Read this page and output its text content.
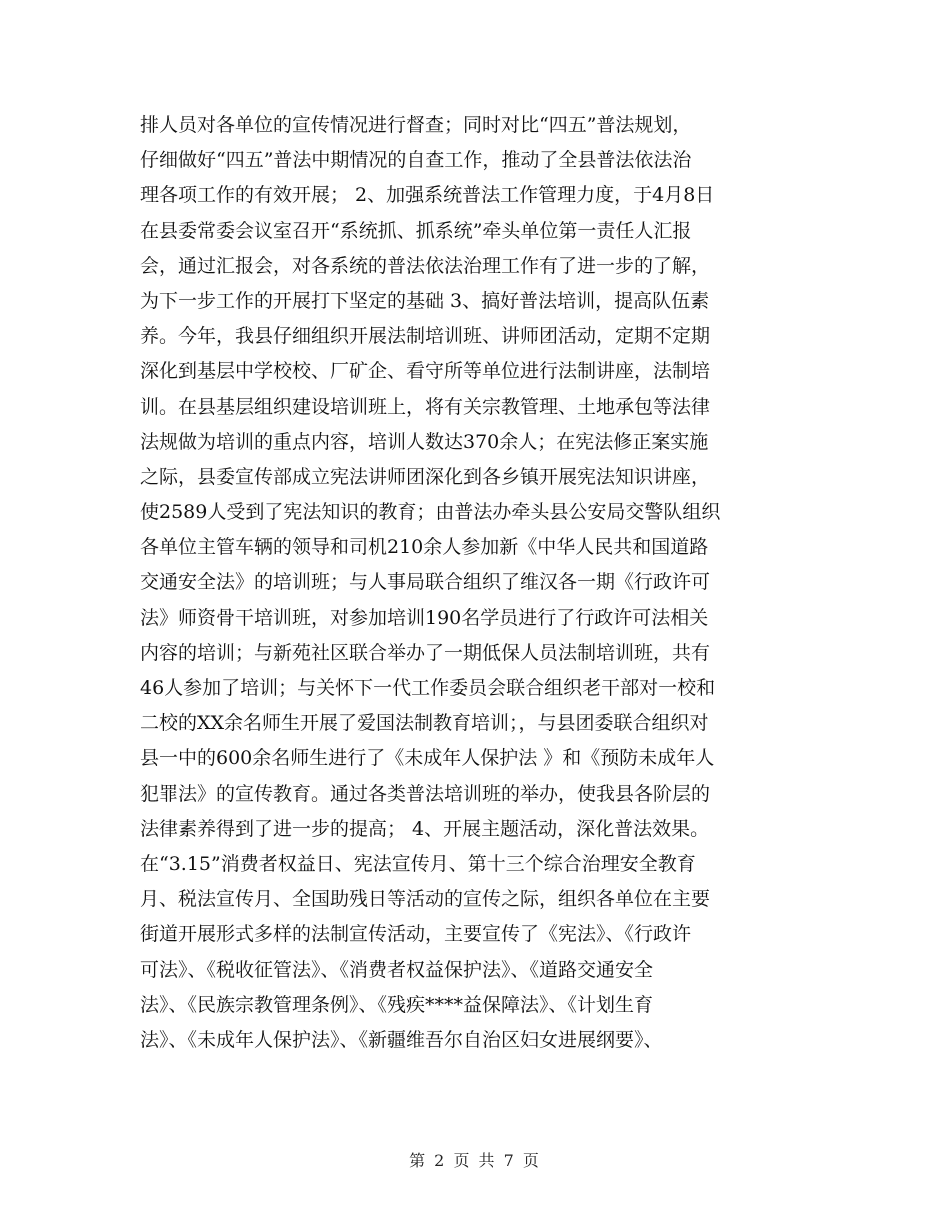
排人员对各单位的宣传情况进行督查；同时对比“四五”普法规划，
仔细做好“四五”普法中期情况的自查工作，推动了全县普法依法治
理各项工作的有效开展； 2、加强系统普法工作管理力度，于4月8日
在县委常委会议室召开“系统抓、抓系统”牵头单位第一责任人汇报
会，通过汇报会，对各系统的普法依法治理工作有了进一步的了解，
为下一步工作的开展打下坚定的基础 3、搞好普法培训，提高队伍素
养。今年，我县仔细组织开展法制培训班、讲师团活动，定期不定期
深化到基层中学校校、厂矿企、看守所等单位进行法制讲座，法制培
训。在县基层组织建设培训班上，将有关宗教管理、土地承包等法律
法规做为培训的重点内容，培训人数达370余人；在宪法修正案实施
之际，县委宣传部成立宪法讲师团深化到各乡镇开展宪法知识讲座，
使2589人受到了宪法知识的教育；由普法办牵头县公安局交警队组织
各单位主管车辆的领导和司机210余人参加新《中华人民共和国道路
交通安全法》的培训班；与人事局联合组织了维汉各一期《行政许可
法》师资骨干培训班，对参加培训190名学员进行了行政许可法相关
内容的培训；与新苑社区联合举办了一期低保人员法制培训班，共有
46人参加了培训；与关怀下一代工作委员会联合组织老干部对一校和
二校的XX余名师生开展了爱国法制教育培训；，与县团委联合组织对
县一中的600余名师生进行了《未成年人保护法 》和《预防未成年人
犯罪法》的宣传教育。通过各类普法培训班的举办，使我县各阶层的
法律素养得到了进一步的提高； 4、开展主题活动，深化普法效果。
在“3.15”消费者权益日、宪法宣传月、第十三个综合治理安全教育
月、税法宣传月、全国助残日等活动的宣传之际，组织各单位在主要
街道开展形式多样的法制宣传活动，主要宣传了《宪法》、《行政许
可法》、《税收征管法》、《消费者权益保护法》、《道路交通安全
法》、《民族宗教管理条例》、《残疾****益保障法》、《计划生育
法》、《未成年人保护法》、《新疆维吾尔自治区妇女进展纲要》、
第 2 页 共 7 页
